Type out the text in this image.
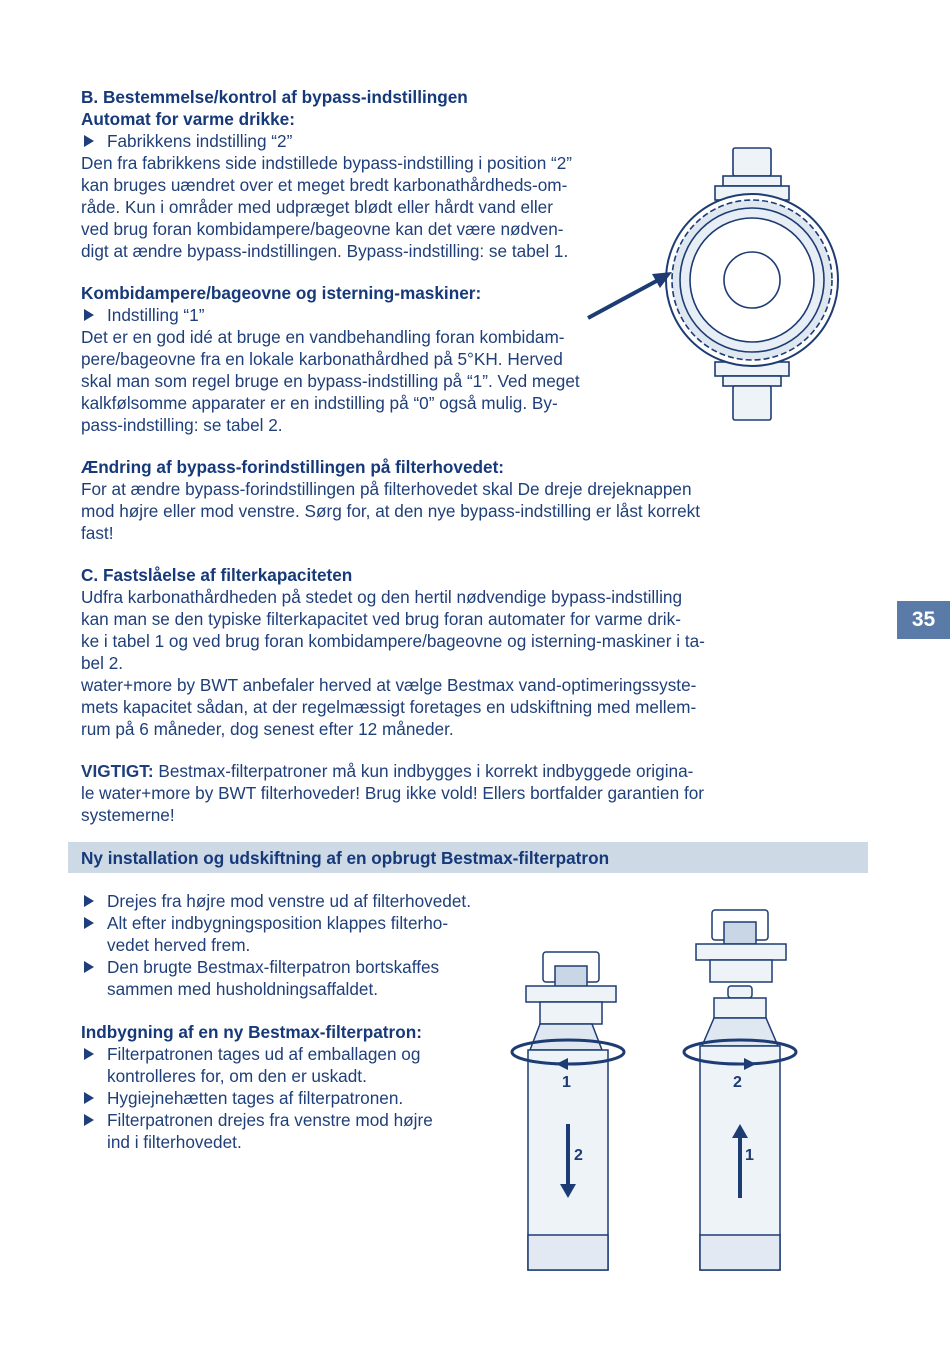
B. Bestemmelse/kontrol af bypass-indstillingen

Automat for varme drikke:

Fabrikkens indstilling “2”

Den fra fabrikkens side indstillede bypass-indstilling i position “2”

kan bruges uændret over et meget bredt karbonathårdheds-om-

råde. Kun i områder med udpræget blødt eller hårdt vand eller

ved brug foran kombidampere/bageovne kan det være nødven-

digt at ændre bypass-indstillingen. Bypass-indstilling: se tabel 1.

Kombidampere/bageovne og isterning-maskiner:

Indstilling “1”

Det er en god idé at bruge en vandbehandling foran kombidam-

pere/bageovne fra en lokale karbonathårdhed på 5°KH. Herved

skal man som regel bruge en bypass-indstilling på “1”. Ved meget

kalkfølsomme apparater er en indstilling på “0” også mulig. By-

pass-indstilling: se tabel 2.

Ændring af bypass-forindstillingen på filterhovedet:

For at ændre bypass-forindstillingen på filterhovedet skal De dreje drejeknappen

mod højre eller mod venstre. Sørg for, at den nye bypass-indstilling er låst korrekt

fast!

C. Fastslåelse af filterkapaciteten

Udfra karbonathårdheden på stedet og den hertil nødvendige bypass-indstilling

kan man se den typiske filterkapacitet ved brug foran automater for varme drik-

ke i tabel 1 og ved brug foran kombidampere/bageovne og isterning-maskiner i ta-

bel 2.

water+more by BWT anbefaler herved at vælge Bestmax vand-optimeringssyste-

mets kapacitet sådan, at der regelmæssigt foretages en udskiftning med mellem-

rum på 6 måneder, dog senest efter 12 måneder.

VIGTIGT: Bestmax-filterpatroner må kun indbygges i korrekt indbyggede origina-

le water+more by BWT filterhoveder! Brug ikke vold! Ellers bortfalder garantien for

systemerne!

Ny installation og udskiftning af en opbrugt Bestmax-filterpatron

Drejes fra højre mod venstre ud af filterhovedet.

Alt efter indbygningsposition klappes filterho-
vedet herved frem.

Den brugte Bestmax-filterpatron bortskaffes
sammen med husholdningsaffaldet.

Indbygning af en ny Bestmax-filterpatron:

Filterpatronen tages ud af emballagen og
kontrolleres for, om den er uskadt.

Hygiejnehætten tages af filterpatronen.

Filterpatronen drejes fra venstre mod højre
ind i filterhovedet.

35
1
2
2
1
